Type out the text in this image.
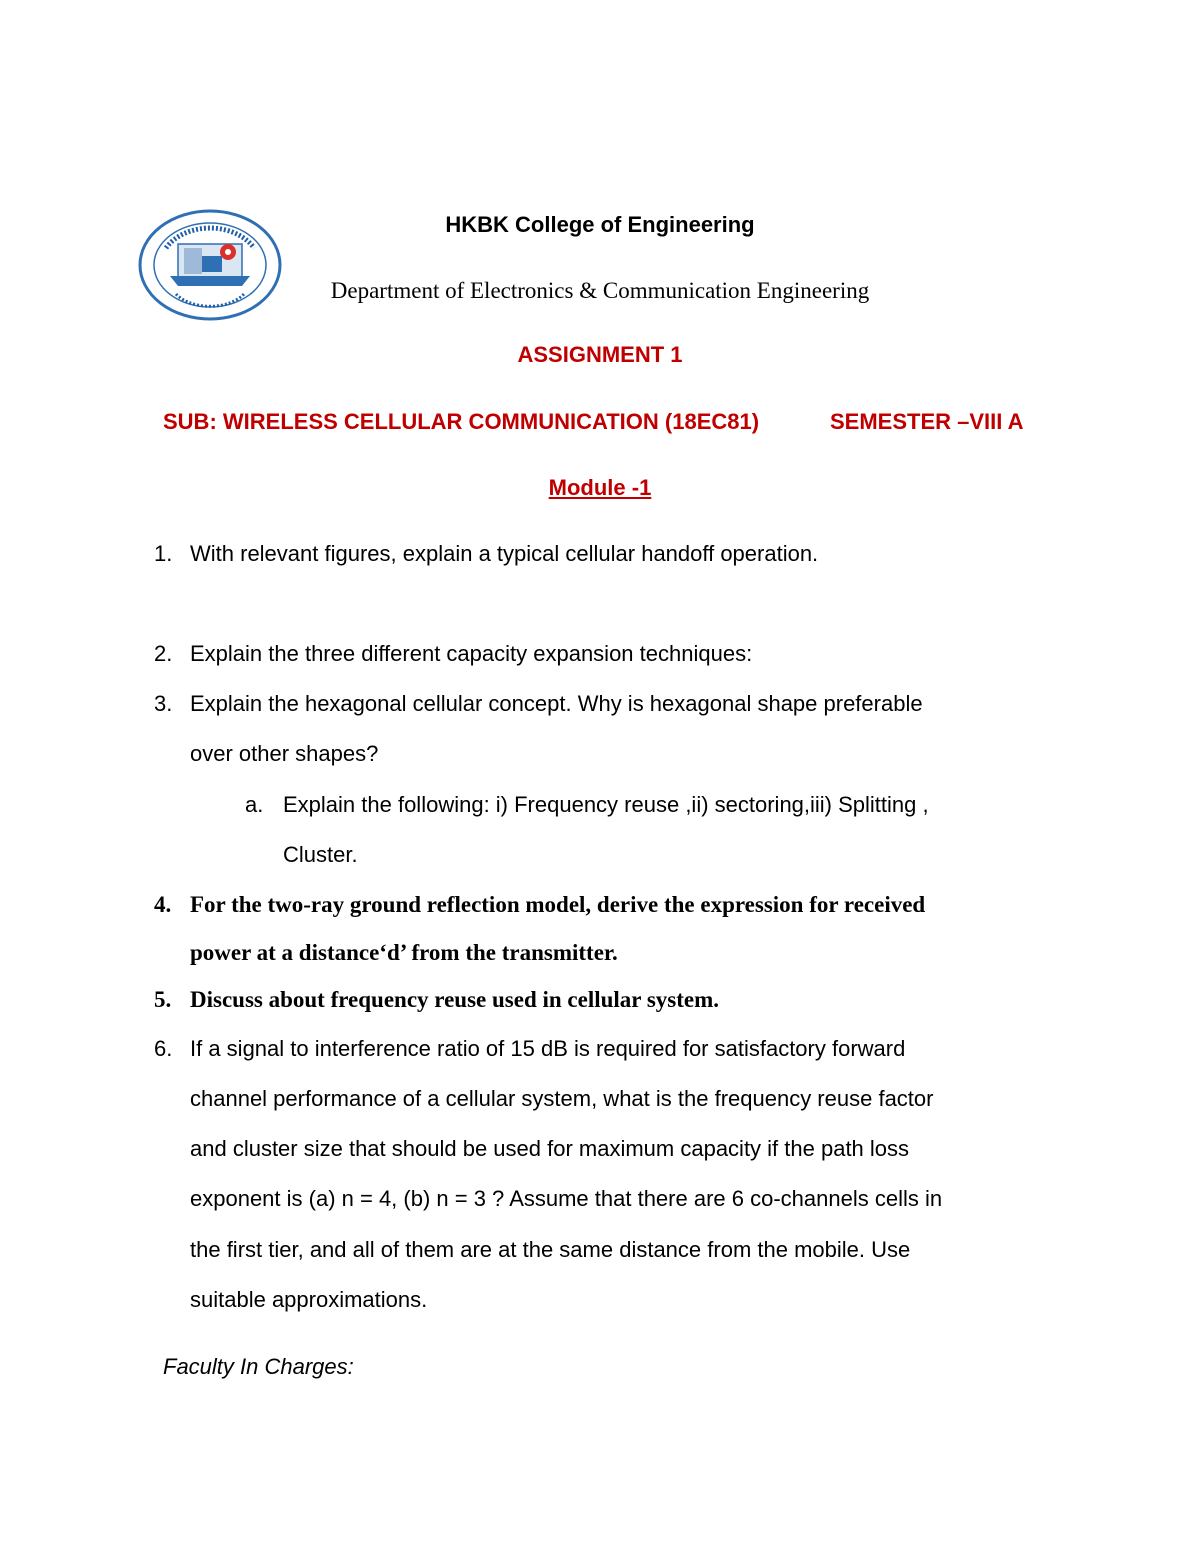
HKBK College of Engineering
Department of Electronics & Communication Engineering
ASSIGNMENT 1
SUB: WIRELESS CELLULAR COMMUNICATION (18EC81)	SEMESTER –VIII A
Module -1
1. With relevant figures, explain a typical cellular handoff operation.
2. Explain the three different capacity expansion techniques:
3. Explain the hexagonal cellular concept. Why is hexagonal shape preferable
over other shapes?
a. Explain the following: i) Frequency reuse ,ii) sectoring,iii) Splitting ,
Cluster.
4. For the two-ray ground reflection model, derive the expression for received
power at a distance‘d’ from the transmitter.
5. Discuss about frequency reuse used in cellular system.
6. If a signal to interference ratio of 15 dB is required for satisfactory forward
channel performance of a cellular system, what is the frequency reuse factor
and cluster size that should be used for maximum capacity if the path loss
exponent is (a) n = 4, (b) n = 3 ? Assume that there are 6 co-channels cells in
the first tier, and all of them are at the same distance from the mobile. Use
suitable approximations.
Faculty In Charges:
